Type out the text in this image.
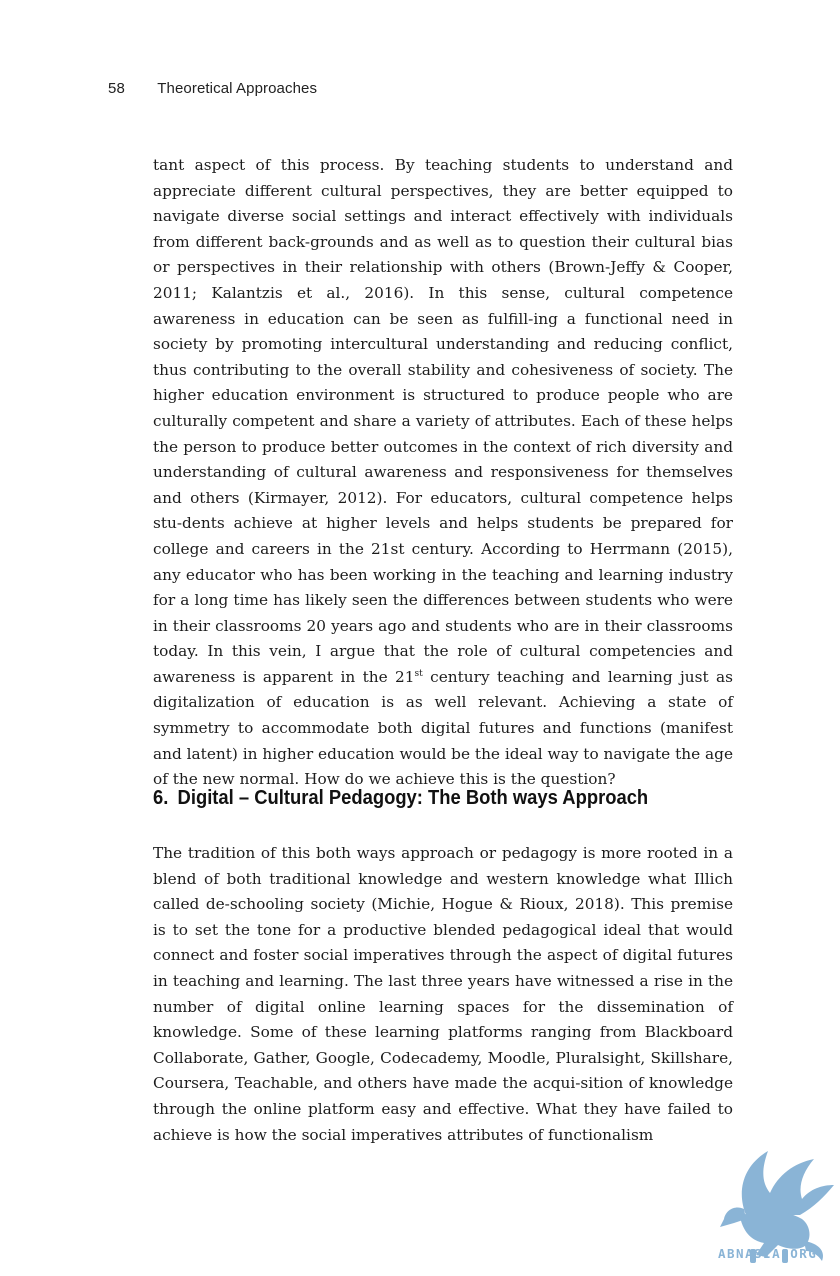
58 Theoretical Approaches

tant aspect of this process. By teaching students to understand and appreciate different cultural perspectives, they are better equipped to navigate diverse social settings and interact effectively with individuals from different back-grounds and as well as to question their cultural bias or perspectives in their relationship with others (Brown-Jeffy & Cooper, 2011; Kalantzis et al., 2016). In this sense, cultural competence awareness in education can be seen as fulfill-ing a functional need in society by promoting intercultural understanding and reducing conflict, thus contributing to the overall stability and cohesiveness of society. The higher education environment is structured to produce people who are culturally competent and share a variety of attributes. Each of these helps the person to produce better outcomes in the context of rich diversity and understanding of cultural awareness and responsiveness for themselves and others (Kirmayer, 2012). For educators, cultural competence helps stu-dents achieve at higher levels and helps students be prepared for college and careers in the 21st century. According to Herrmann (2015), any educator who has been working in the teaching and learning industry for a long time has likely seen the differences between students who were in their classrooms 20 years ago and students who are in their classrooms today. In this vein, I argue that the role of cultural competencies and awareness is apparent in the 21st century teaching and learning just as digitalization of education is as well relevant. Achieving a state of symmetry to accommodate both digital futures and functions (manifest and latent) in higher education would be the ideal way to navigate the age of the new normal. How do we achieve this is the question?

6. Digital – Cultural Pedagogy: The Both ways Approach

The tradition of this both ways approach or pedagogy is more rooted in a blend of both traditional knowledge and western knowledge what Illich called de-schooling society (Michie, Hogue & Rioux, 2018). This premise is to set the tone for a productive blended pedagogical ideal that would connect and foster social imperatives through the aspect of digital futures in teaching and learning. The last three years have witnessed a rise in the number of digital online learning spaces for the dissemination of knowledge. Some of these learning platforms ranging from Blackboard Collaborate, Gather, Google, Codecademy, Moodle, Pluralsight, Skillshare, Coursera, Teachable, and others have made the acqui-sition of knowledge through the online platform easy and effective. What they have failed to achieve is how the social imperatives attributes of functionalism

ABNASIA.ORG
